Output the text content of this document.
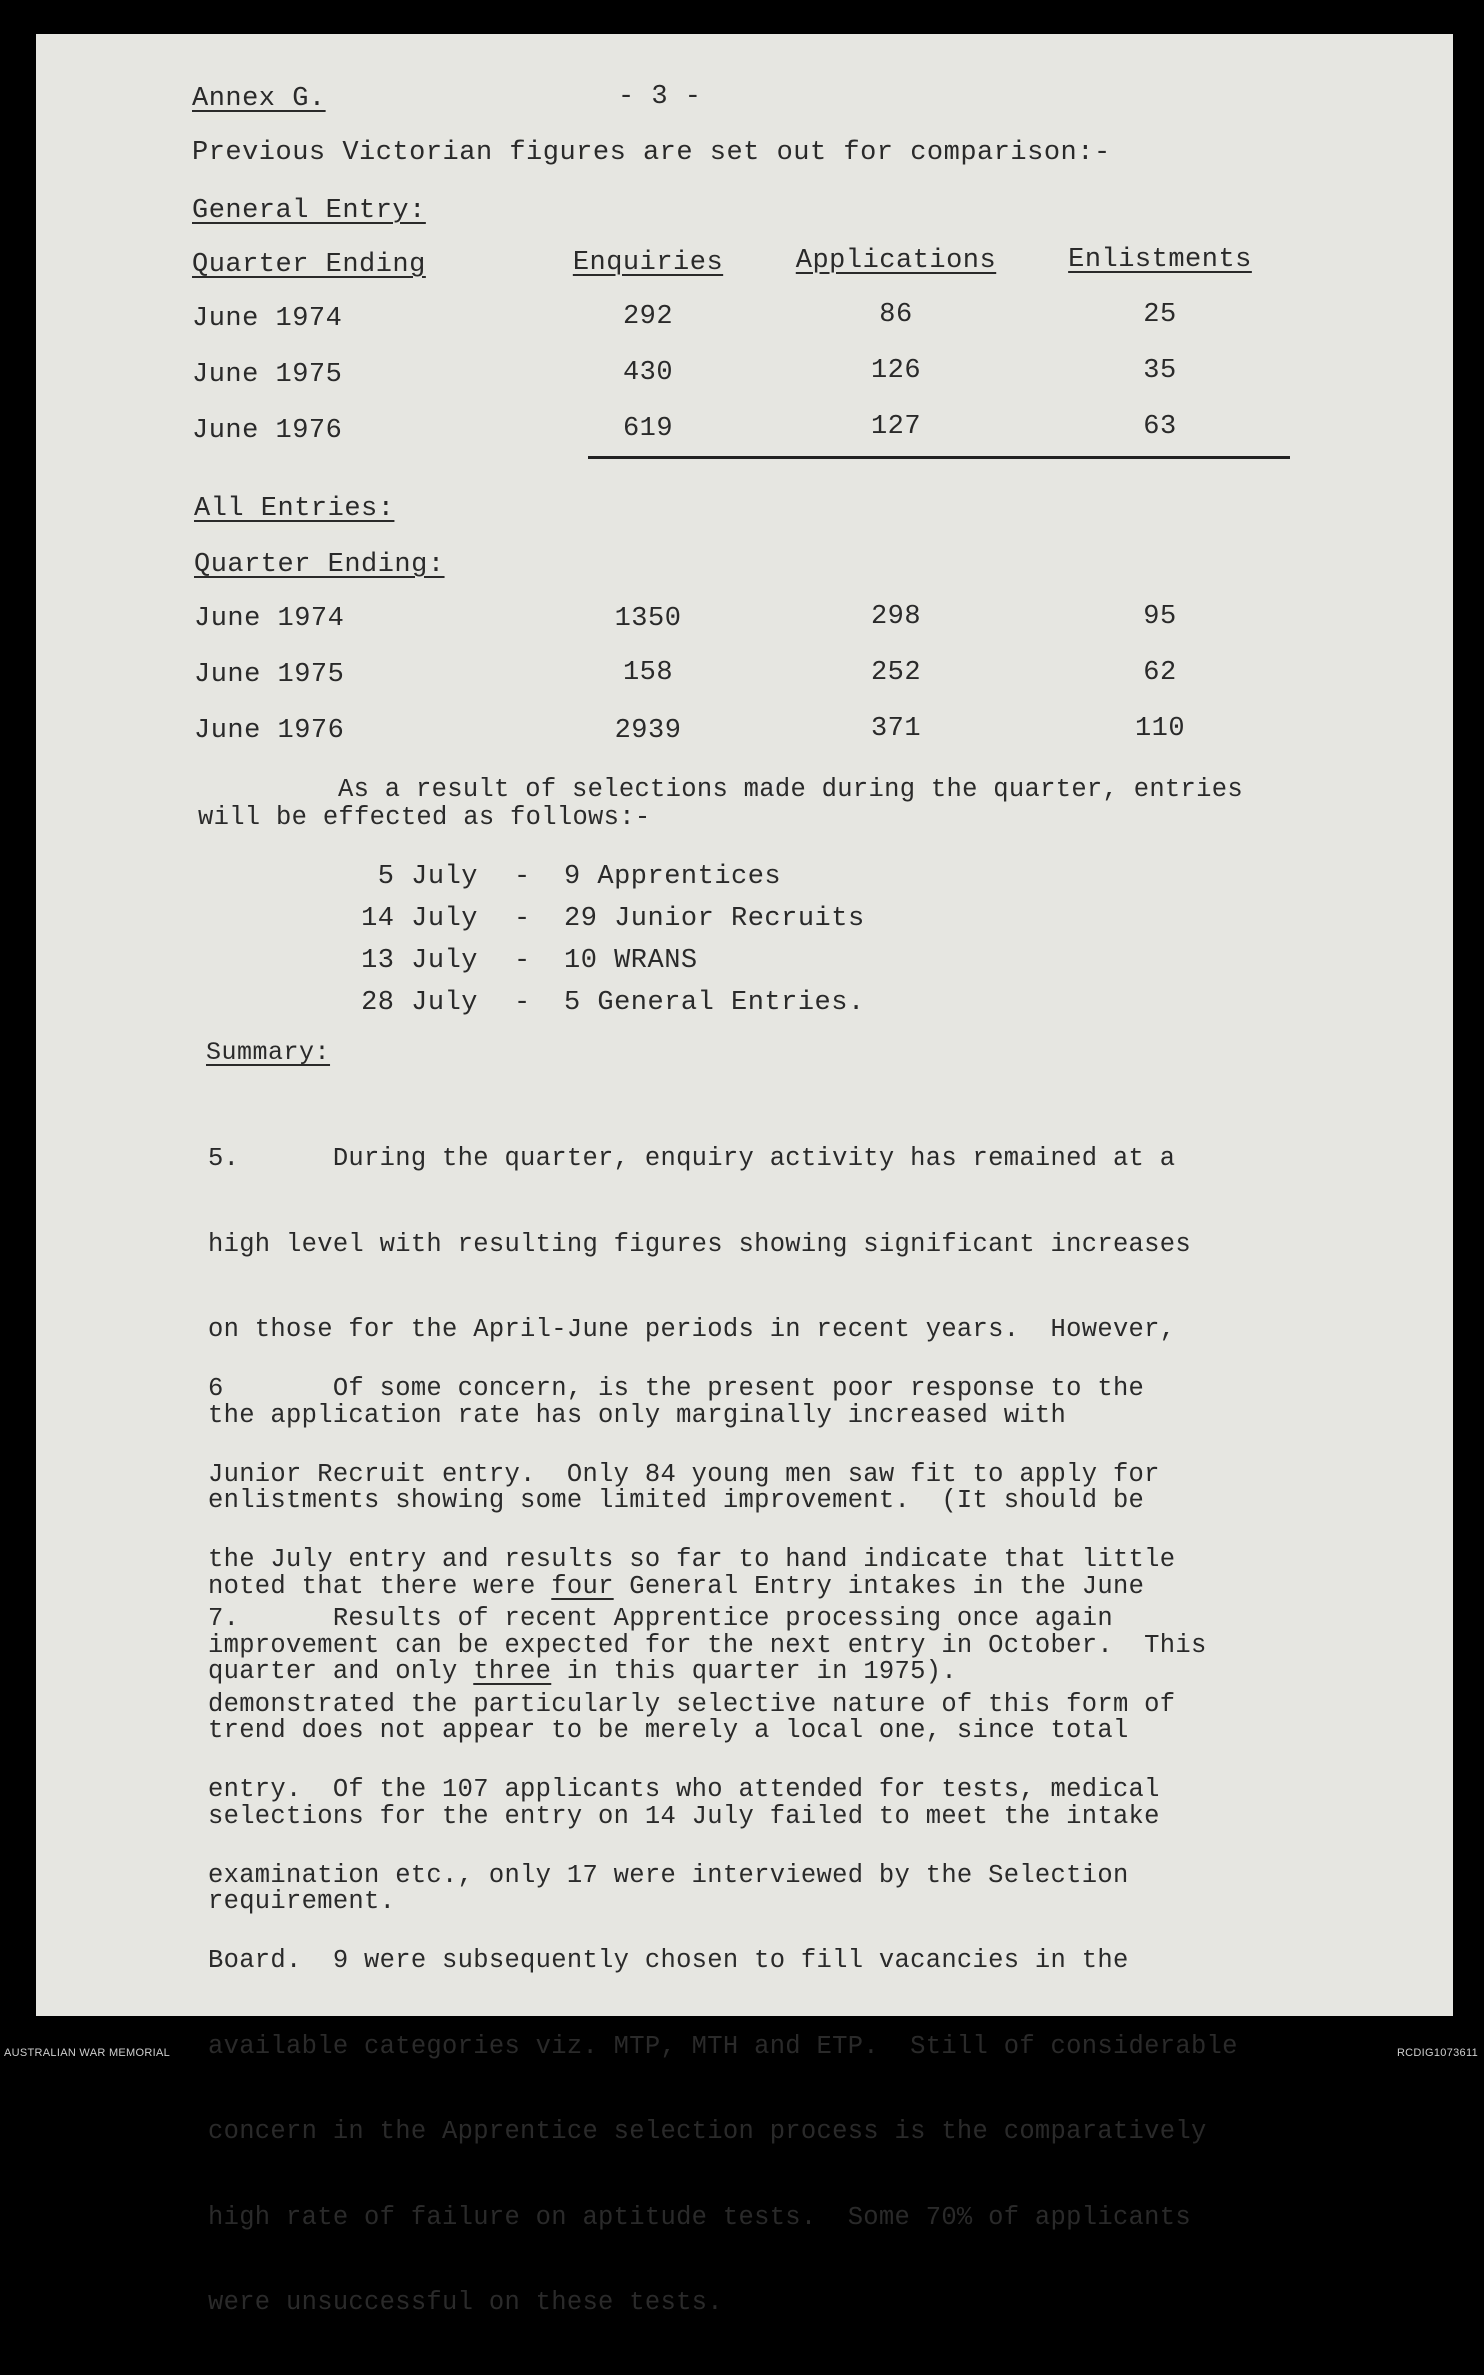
Annex G.	- 3 -
Previous Victorian figures are set out for comparison:-
General Entry:
Quarter Ending	Enquiries	Applications	Enlistments
June 1974	292	86	25
June 1975	430	126	35
June 1976	619	127	63
All Entries:
Quarter Ending:
June 1974	1350	298	95
June 1975	158	252	62
June 1976	2939	371	110
As a result of selections made during the quarter, entries
will be effected as follows:-
5 July - 9 Apprentices
14 July - 29 Junior Recruits
13 July - 10 WRANS
28 July - 5 General Entries.
Summary:

5.      During the quarter, enquiry activity has remained at a

high level with resulting figures showing significant increases

on those for the April-June periods in recent years.  However,

the application rate has only marginally increased with

enlistments showing some limited improvement.  (It should be

noted that there were four General Entry intakes in the June

quarter and only three in this quarter in 1975).

6       Of some concern, is the present poor response to the

Junior Recruit entry.  Only 84 young men saw fit to apply for

the July entry and results so far to hand indicate that little

improvement can be expected for the next entry in October.  This

trend does not appear to be merely a local one, since total

selections for the entry on 14 July failed to meet the intake

requirement.

7.      Results of recent Apprentice processing once again

demonstrated the particularly selective nature of this form of

entry.  Of the 107 applicants who attended for tests, medical

examination etc., only 17 were interviewed by the Selection

Board.  9 were subsequently chosen to fill vacancies in the

available categories viz. MTP, MTH and ETP.  Still of considerable

concern in the Apprentice selection process is the comparatively

high rate of failure on aptitude tests.  Some 70% of applicants

were unsuccessful on these tests.

AUSTRALIAN WAR MEMORIAL	RCDIG1073611
